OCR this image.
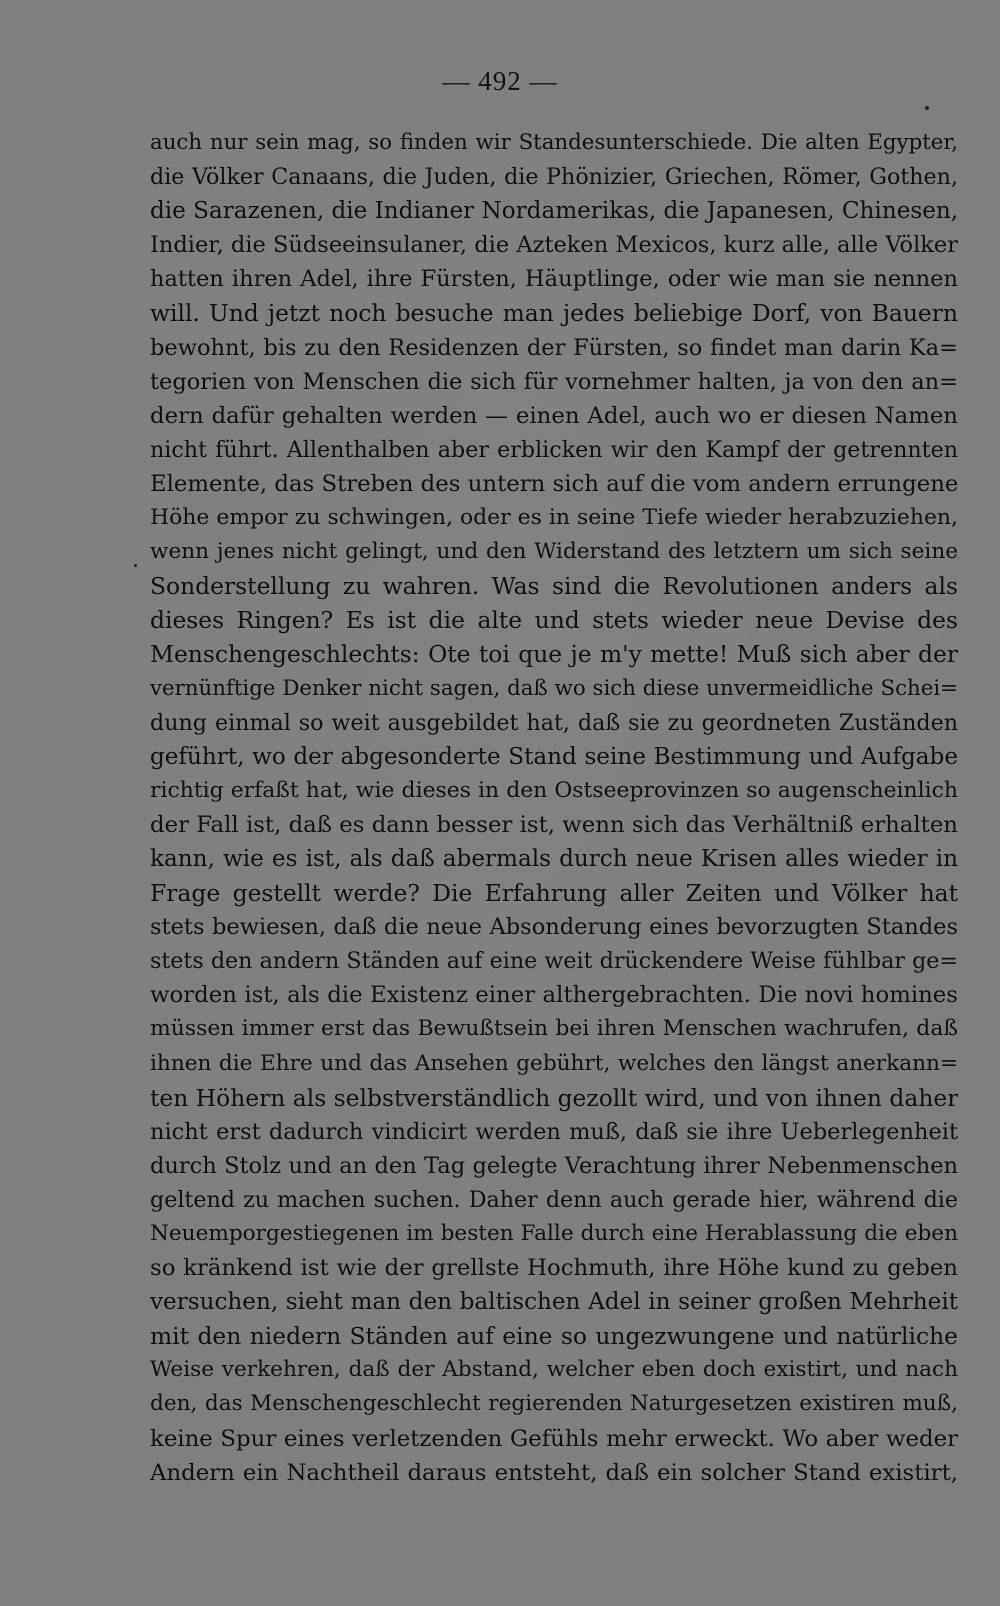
— 492 —
auch nur sein mag, so finden wir Standesunterschiede. Die alten Egypter,
die Völker Canaans, die Juden, die Phönizier, Griechen, Römer, Gothen,
die Sarazenen, die Indianer Nordamerikas, die Japanesen, Chinesen,
Indier, die Südseeinsulaner, die Azteken Mexicos, kurz alle, alle Völker
hatten ihren Adel, ihre Fürsten, Häuptlinge, oder wie man sie nennen
will. Und jetzt noch besuche man jedes beliebige Dorf, von Bauern
bewohnt, bis zu den Residenzen der Fürsten, so findet man darin Ka=
tegorien von Menschen die sich für vornehmer halten, ja von den an=
dern dafür gehalten werden — einen Adel, auch wo er diesen Namen
nicht führt. Allenthalben aber erblicken wir den Kampf der getrennten
Elemente, das Streben des untern sich auf die vom andern errungene
Höhe empor zu schwingen, oder es in seine Tiefe wieder herabzuziehen,
wenn jenes nicht gelingt, und den Widerstand des letztern um sich seine
Sonderstellung zu wahren. Was sind die Revolutionen anders als
dieses Ringen? Es ist die alte und stets wieder neue Devise des
Menschengeschlechts: Ote toi que je m'y mette! Muß sich aber der
vernünftige Denker nicht sagen, daß wo sich diese unvermeidliche Schei=
dung einmal so weit ausgebildet hat, daß sie zu geordneten Zuständen
geführt, wo der abgesonderte Stand seine Bestimmung und Aufgabe
richtig erfaßt hat, wie dieses in den Ostseeprovinzen so augenscheinlich
der Fall ist, daß es dann besser ist, wenn sich das Verhältniß erhalten
kann, wie es ist, als daß abermals durch neue Krisen alles wieder in
Frage gestellt werde? Die Erfahrung aller Zeiten und Völker hat
stets bewiesen, daß die neue Absonderung eines bevorzugten Standes
stets den andern Ständen auf eine weit drückendere Weise fühlbar ge=
worden ist, als die Existenz einer althergebrachten. Die novi homines
müssen immer erst das Bewußtsein bei ihren Menschen wachrufen, daß
ihnen die Ehre und das Ansehen gebührt, welches den längst anerkann=
ten Höhern als selbstverständlich gezollt wird, und von ihnen daher
nicht erst dadurch vindicirt werden muß, daß sie ihre Ueberlegenheit
durch Stolz und an den Tag gelegte Verachtung ihrer Nebenmenschen
geltend zu machen suchen. Daher denn auch gerade hier, während die
Neuemporgestiegenen im besten Falle durch eine Herablassung die eben
so kränkend ist wie der grellste Hochmuth, ihre Höhe kund zu geben
versuchen, sieht man den baltischen Adel in seiner großen Mehrheit
mit den niedern Ständen auf eine so ungezwungene und natürliche
Weise verkehren, daß der Abstand, welcher eben doch existirt, und nach
den, das Menschengeschlecht regierenden Naturgesetzen existiren muß,
keine Spur eines verletzenden Gefühls mehr erweckt. Wo aber weder
Andern ein Nachtheil daraus entsteht, daß ein solcher Stand existirt,
